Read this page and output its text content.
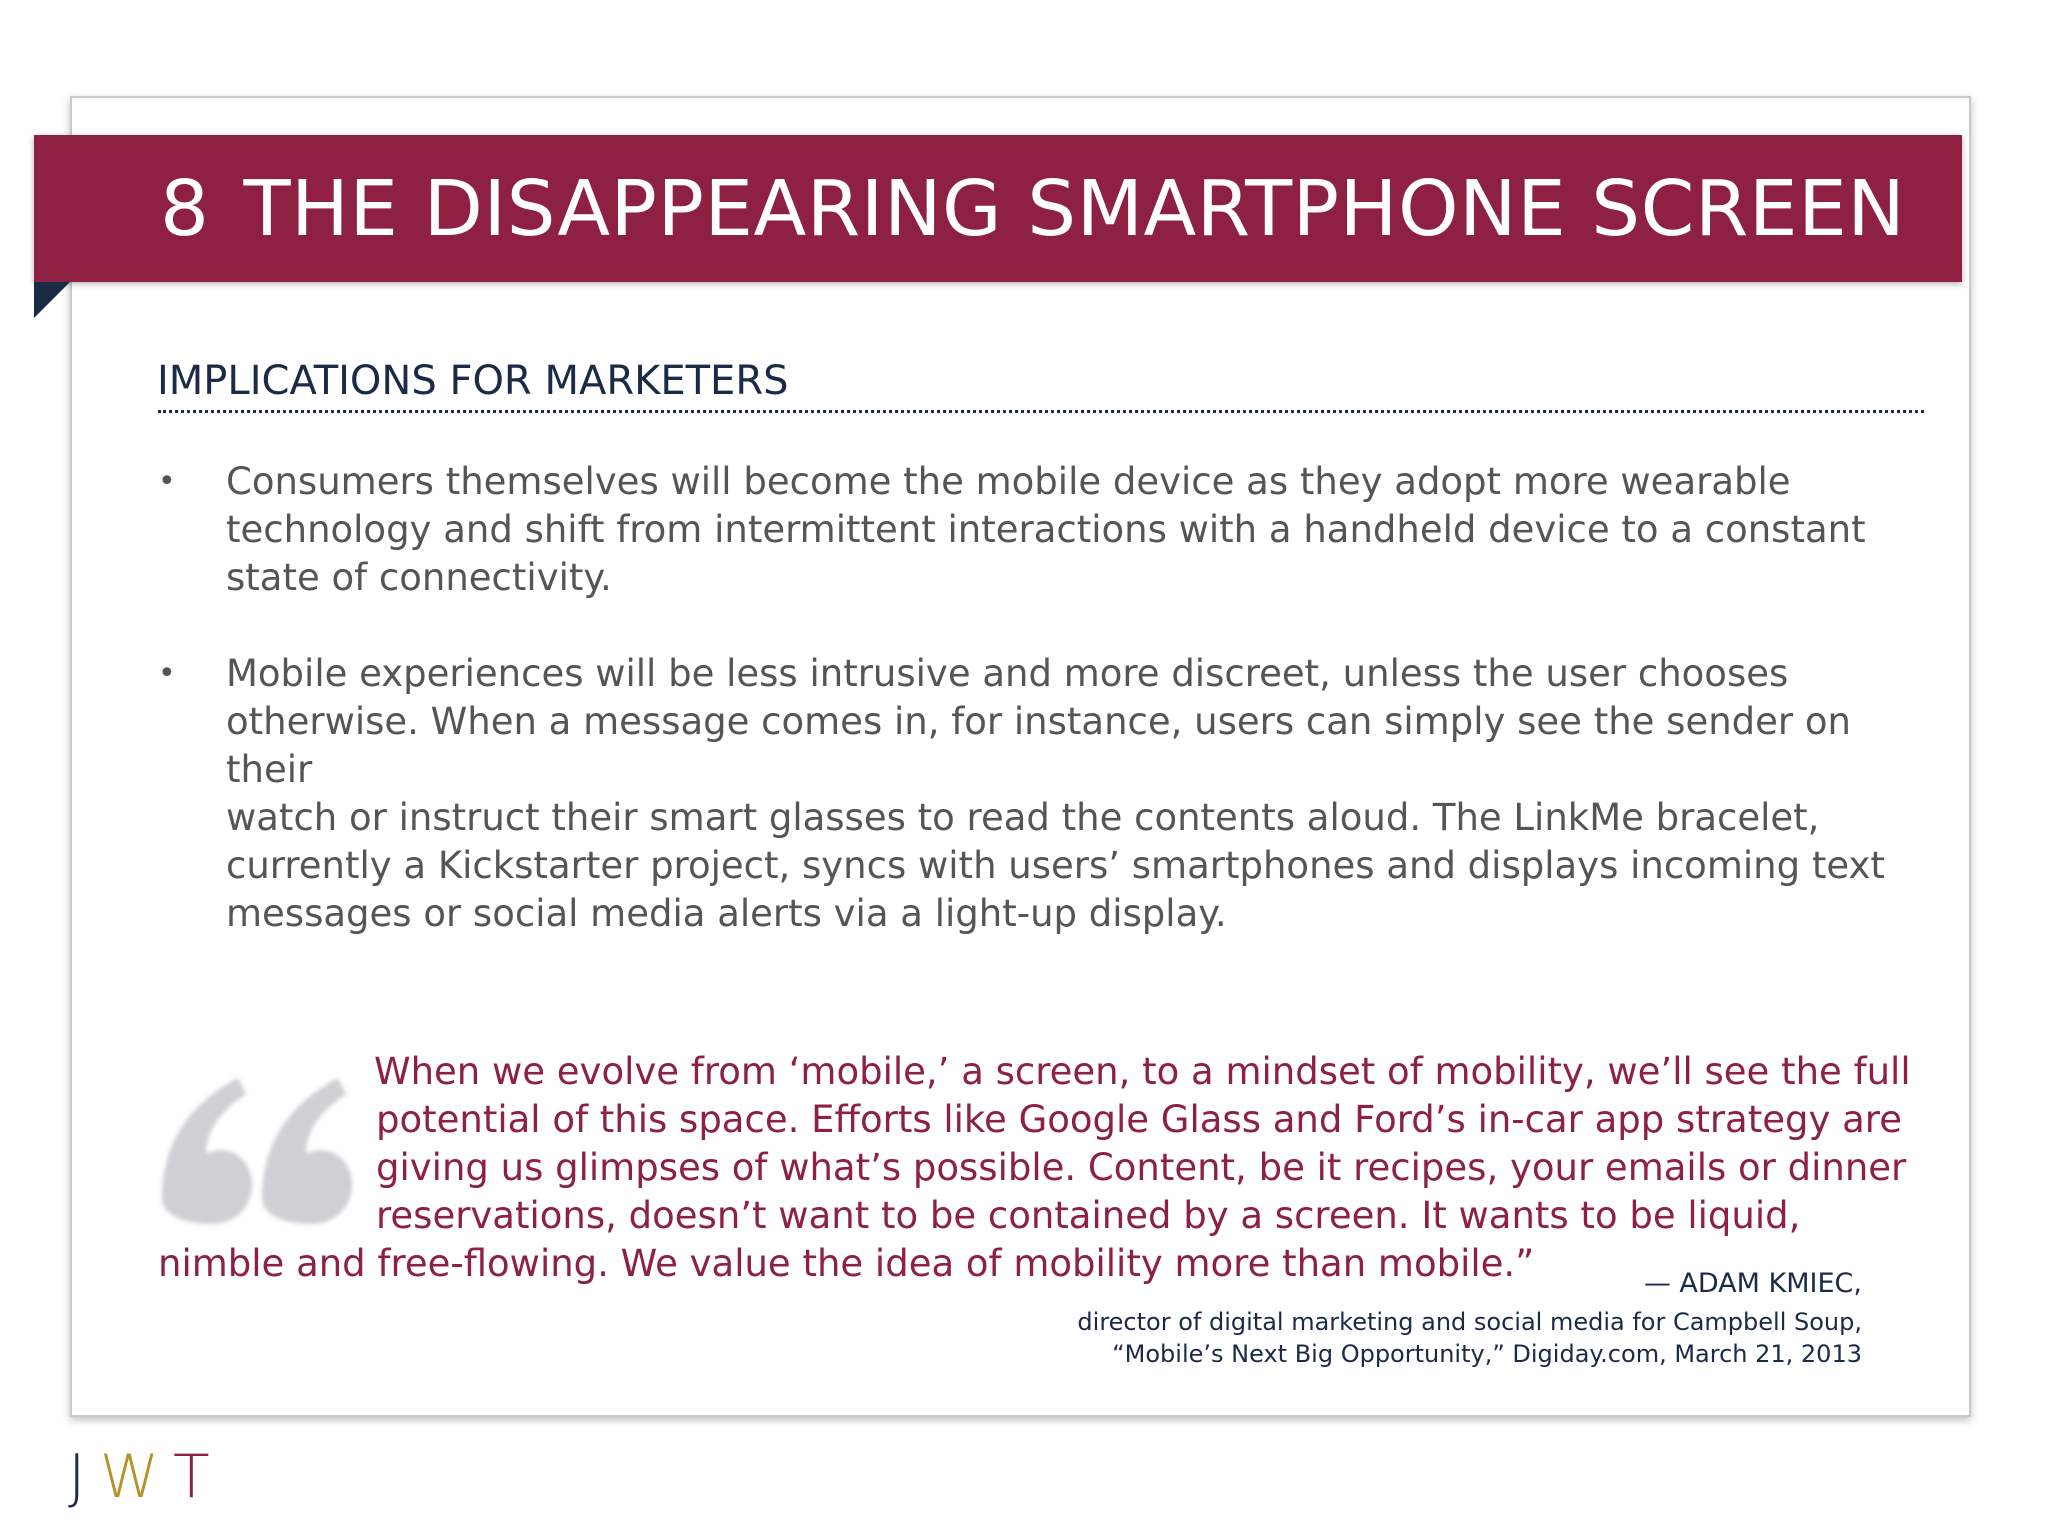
8 THE DISAPPEARING SMARTPHONE SCREEN
IMPLICATIONS FOR MARKETERS
•	Consumers themselves will become the mobile device as they adopt more wearable
technology and shift from intermittent interactions with a handheld device to a constant
state of connectivity.
•	Mobile experiences will be less intrusive and more discreet, unless the user chooses
otherwise. When a message comes in, for instance, users can simply see the sender on their
watch or instruct their smart glasses to read the contents aloud. The LinkMe bracelet,
currently a Kickstarter project, syncs with users’ smartphones and displays incoming text
messages or social media alerts via a light-up display.
When we evolve from ‘mobile,’ a screen, to a mindset of mobility, we’ll see the full
potential of this space. Efforts like Google Glass and Ford’s in-car app strategy are
giving us glimpses of what’s possible. Content, be it recipes, your emails or dinner
reservations, doesn’t want to be contained by a screen. It wants to be liquid,
nimble and free-flowing. We value the idea of mobility more than mobile.”	— ADAM KMIEC,
director of digital marketing and social media for Campbell Soup,
“Mobile’s Next Big Opportunity,” Digiday.com, March 21, 2013
JWT
